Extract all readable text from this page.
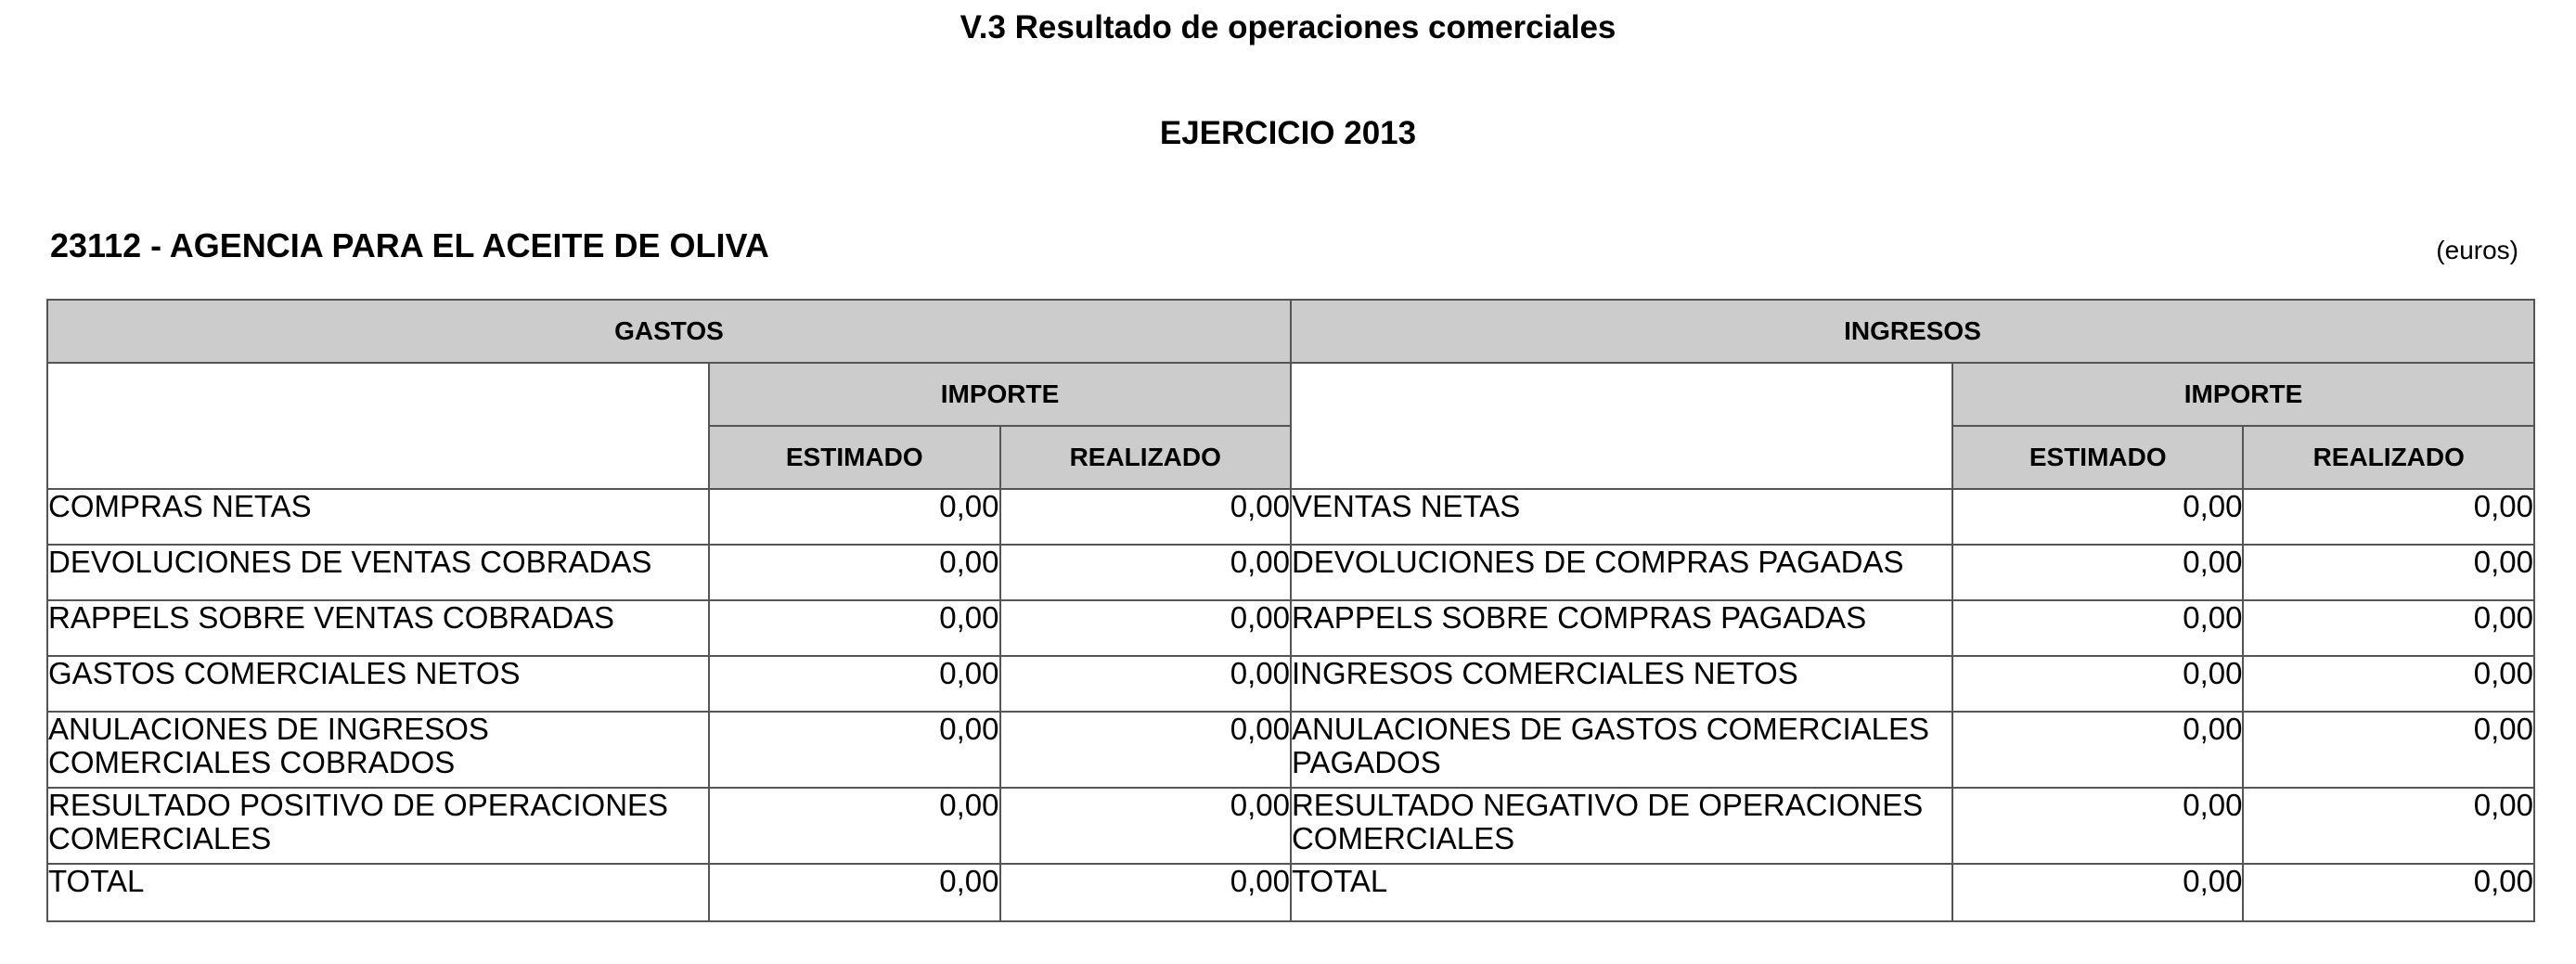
V.3 Resultado de operaciones comerciales
EJERCICIO 2013
23112 - AGENCIA PARA EL ACEITE DE OLIVA	(euros)
GASTOS			INGRESOS		
	IMPORTE			IMPORTE	
	ESTIMADO	REALIZADO		ESTIMADO	REALIZADO
COMPRAS NETAS	0,00	0,00	VENTAS NETAS	0,00	0,00
DEVOLUCIONES DE VENTAS COBRADAS	0,00	0,00	DEVOLUCIONES DE COMPRAS PAGADAS	0,00	0,00
RAPPELS SOBRE VENTAS COBRADAS	0,00	0,00	RAPPELS SOBRE COMPRAS PAGADAS	0,00	0,00
GASTOS COMERCIALES NETOS	0,00	0,00	INGRESOS COMERCIALES NETOS	0,00	0,00
ANULACIONES DE INGRESOS COMERCIALES COBRADOS	0,00	0,00	ANULACIONES DE GASTOS COMERCIALES PAGADOS	0,00	0,00
RESULTADO POSITIVO DE OPERACIONES COMERCIALES	0,00	0,00	RESULTADO NEGATIVO DE OPERACIONES COMERCIALES	0,00	0,00
TOTAL	0,00	0,00	TOTAL	0,00	0,00
